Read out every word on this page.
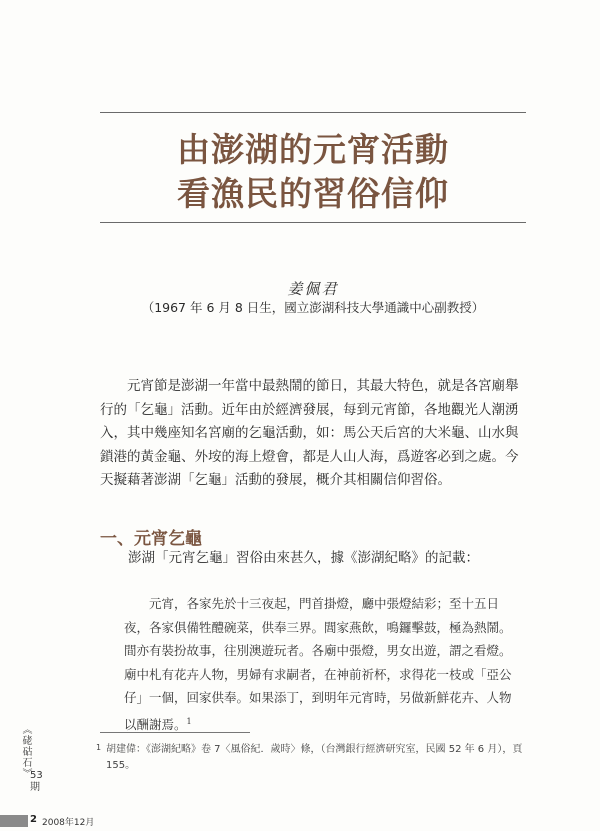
由澎湖的元宵活動
看漁民的習俗信仰
姜佩君
（1967 年 6 月 8 日生，國立澎湖科技大學通識中心副教授）

元宵節是澎湖一年當中最熱鬧的節日，其最大特色，就是各宮廟舉行的「乞龜」活動。近年由於經濟發展，每到元宵節，各地觀光人潮湧入，其中幾座知名宮廟的乞龜活動，如：馬公天后宮的大米龜、山水與鎖港的黃金龜、外垵的海上燈會，都是人山人海，爲遊客必到之處。今天擬藉著澎湖「乞龜」活動的發展，概介其相關信仰習俗。

一、元宵乞龜
澎湖「元宵乞龜」習俗由來甚久，據《澎湖紀略》的記載：

元宵，各家先於十三夜起，門首掛燈，廳中張燈結彩；至十五日夜，各家俱備牲醴碗菜，供奉三界。閭家燕飲，鳴鑼擊鼓，極為熱鬧。間亦有裝扮故事，往別澳遊玩者。各廟中張燈，男女出遊，謂之看燈。廟中札有花卉人物，男婦有求嗣者，在神前祈杯，求得花一枝或「亞公仔」一個，回家供奉。如果添丁，到明年元宵時，另做新鮮花卉、人物以酬謝焉。$^1$

1 胡建偉：《澎湖紀略》卷 7〈風俗紀．歲時〉條，（台灣銀行經濟研究室，民國 52 年 6 月），頁 155。
《硓𥑮石》 53
期
2 2008年12月
